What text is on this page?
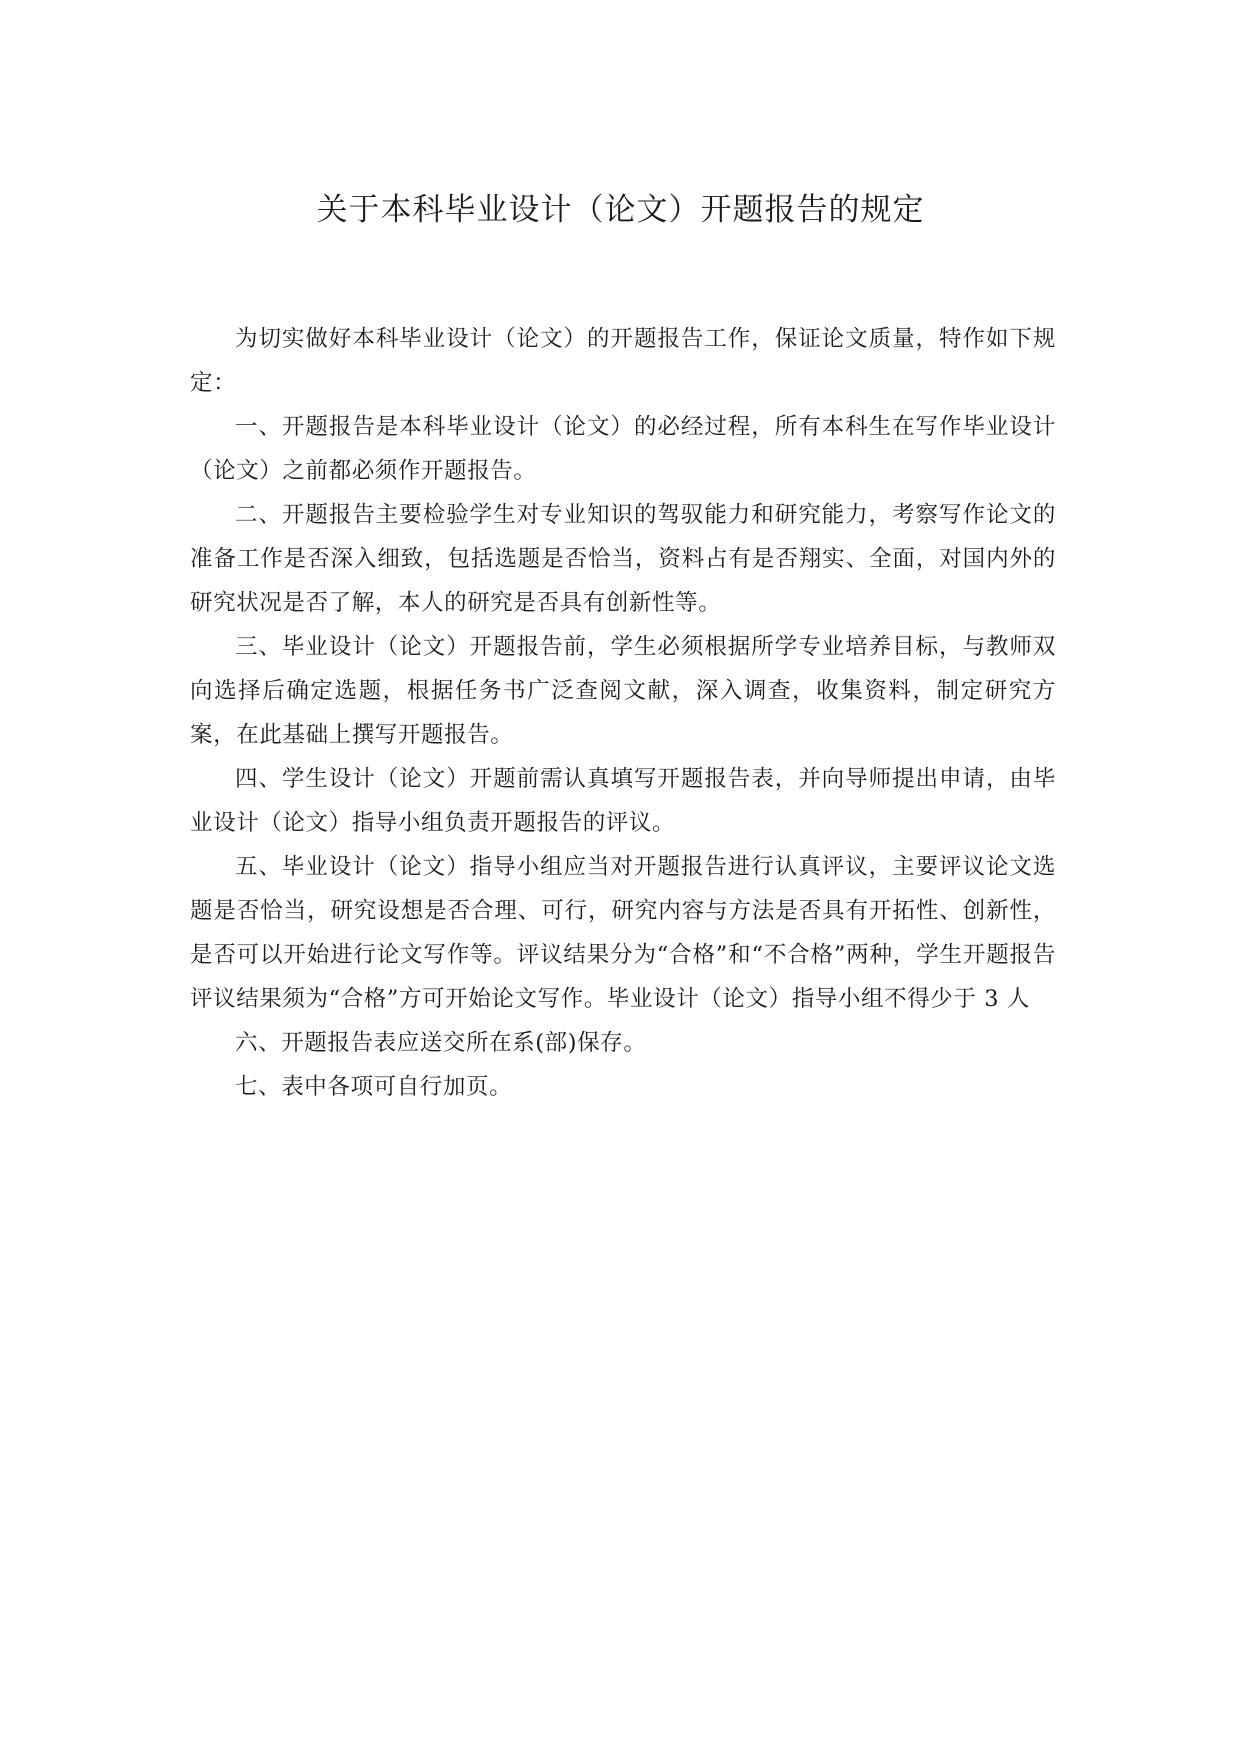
关于本科毕业设计（论文）开题报告的规定

为切实做好本科毕业设计（论文）的开题报告工作，保证论文质量，特作如下规定：

一、开题报告是本科毕业设计（论文）的必经过程，所有本科生在写作毕业设计（论文）之前都必须作开题报告。

二、开题报告主要检验学生对专业知识的驾驭能力和研究能力，考察写作论文的准备工作是否深入细致，包括选题是否恰当，资料占有是否翔实、全面，对国内外的研究状况是否了解，本人的研究是否具有创新性等。

三、毕业设计（论文）开题报告前，学生必须根据所学专业培养目标，与教师双向选择后确定选题，根据任务书广泛查阅文献，深入调查，收集资料，制定研究方案，在此基础上撰写开题报告。

四、学生设计（论文）开题前需认真填写开题报告表，并向导师提出申请，由毕业设计（论文）指导小组负责开题报告的评议。

五、毕业设计（论文）指导小组应当对开题报告进行认真评议，主要评议论文选题是否恰当，研究设想是否合理、可行，研究内容与方法是否具有开拓性、创新性，是否可以开始进行论文写作等。评议结果分为“合格”和“不合格”两种，学生开题报告评议结果须为“合格”方可开始论文写作。毕业设计（论文）指导小组不得少于 3 人

六、开题报告表应送交所在系(部)保存。

七、表中各项可自行加页。
